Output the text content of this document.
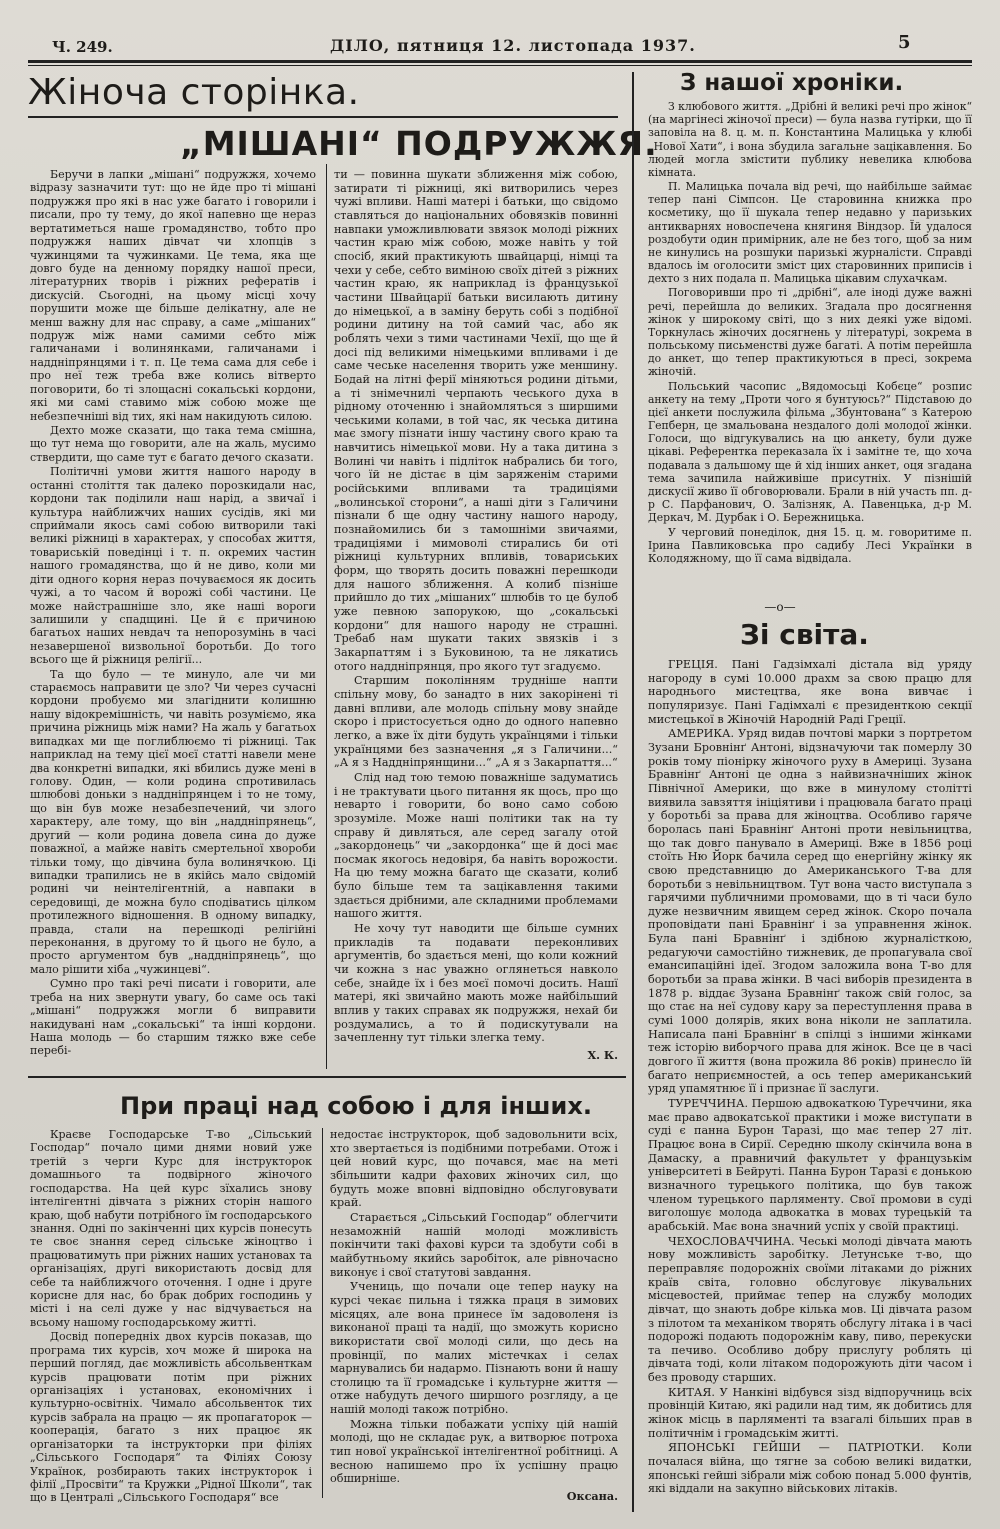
Ч. 249.	ДІЛО, пятниця 12. листопада 1937.	5
Жіноча сторінка.
„МІШАНІ“ ПОДРУЖЖЯ.

Беручи в лапки „мішані“ подружжя, хочемо відразу зазначити тут: що не йде про ті мішані подружжя про які в нас уже багато і говорили і писали, про ту тему, до якої напевно ще нераз вертатиметься наше громадянство, тобто про подружжя наших дівчат чи хлопців з чужинцями та чужинками. Це тема, яка ще довго буде на денному порядку нашої преси, літературних творів і ріжних рефератів і дискусій. Сьогодні, на цьому місці хочу порушити може ще більше делікатну, але не менш важну для нас справу, а саме „мішаних“ подруж між нами самими себто між галичанами і волинянками, галичанами і наддніпрянцями і т. п. Це тема сама для себе і про неї теж треба вже колись вітверто поговорити, бо ті злощасні сокальські кордони, які ми самі ставимо між собою може ще небезпечніші від тих, які нам накидують силою.

Дехто може сказати, що така тема смішна, що тут нема що говорити, але на жаль, мусимо ствердити, що саме тут є багато дечого сказати.

Політичні умови життя нашого народу в останні століття так далеко порозкидали нас, кордони так поділили наш нарід, а звичаї і культура найближчих наших сусідів, які ми сприймали якось самі собою витворили такі великі ріжниці в характерах, у способах життя, товариській поведінці і т. п. окремих частин нашого громадянства, що й не диво, коли ми діти одного корня нераз почуваємося як досить чужі, а то часом й ворожі собі частини. Це може найстрашніше зло, яке наші вороги залишили у спадщині. Це й є причиною багатьох наших невдач та непорозумінь в часі незавершеної визвольної боротьби. До того всього ще й ріжниця релігії...

Та що було — те минуло, але чи ми стараємось направити це зло? Чи через сучасні кордони пробуємо ми злагіднити колишню нашу відокремішність, чи навіть розуміємо, яка причина ріжниць між нами? На жаль у багатьох випадках ми ще поглиблюємо ті ріжниці. Так наприклад на тему цієї моєї статті навели мене два конкретні випадки, які вбились дуже мені в голову. Один, — коли родина спротивилась шлюбові доньки з наддніпрянцем і то не тому, що він був може незабезпечений, чи злого характеру, але тому, що він „наддніпрянець“, другий — коли родина довела сина до дуже поважної, а майже навіть смертельної хвороби тільки тому, що дівчина була волинячкою. Ці випадки трапились не в якійсь мало свідомій родині чи неінтелігентній, а навпаки в середовищі, де можна було сподіватись цілком протилежного відношення. В одному випадку, правда, стали на перешкоді релігійні переконання, в другому то й цього не було, а просто аргументом був „наддніпрянець“, що мало рішити хіба „чужинцеві“.

Сумно про такі речі писати і говорити, але треба на них звернути увагу, бо саме ось такі „мішані“ подружжя могли б виправити накидувані нам „сокальські“ та інші кордони. Наша молодь — бо старшим тяжко вже себе перебі-

ти — повинна шукати зближення між собою, затирати ті ріжниці, які витворились через чужі впливи. Наші матері і батьки, що свідомо ставляться до національних обовязків повинні навпаки уможливлювати звязок молоді ріжних частин краю між собою, може навіть у той спосіб, який практикують швайцарці, німці та чехи у себе, себто виміною своїх дітей з ріжних частин краю, як наприклад із французької частини Швайцарії батьки висилають дитину до німецької, а в заміну беруть собі з подібної родини дитину на той самий час, або як роблять чехи з тими частинами Чехії, що ще й досі під великими німецькими впливами і де саме чеське населення творить уже меншину. Бодай на літні ферії міняються родини дітьми, а ті знімечнилі черпають чеського духа в рідному оточенню і знайомляться з ширшими чеськими колами, в той час, як чеська дитина має змогу пізнати іншу частину свого краю та навчитись німецької мови. Ну а така дитина з Волині чи навіть і підліток набрались би того, чого їй не дістає в цім заряженім старими російськими впливами та традиціями „волинської сторони“, а наші діти з Галичини пізнали б ще одну частину нашого народу, познайомились би з тамошніми звичаями, традиціями і мимоволі стирались би оті ріжниці культурних впливів, товариських форм, що творять досить поважні перешкоди для нашого зближення. А колиб пізніше прийшло до тих „мішаних“ шлюбів то це булоб уже певною запорукою, що „сокальські кордони“ для нашого народу не страшні. Требаб нам шукати таких звязків і з Закарпаттям і з Буковиною, та не лякатись отого наддніпрянця, про якого тут згадуємо.

Старшим поколінням трудніше напти спільну мову, бо занадто в них закорінені ті давні впливи, але молодь спільну мову знайде скоро і пристосується одно до одного напевно легко, а вже їх діти будуть українцями і тільки українцями без зазначення „я з Галичини...“ „А я з Наддніпрянщини...“ „А я з Закарпаття...“

Слід над тою темою поважніше задуматись і не трактувати цього питання як щось, про що неварто і говорити, бо воно само собою зрозуміле. Може наші політики так на ту справу й дивляться, але серед загалу отой „закордонець“ чи „закордонка“ ще й досі має посмак якогось недовіря, ба навіть ворожости. На цю тему можна багато ще сказати, колиб було більше тем та зацікавлення такими здається дрібними, але складними проблемами нашого життя.

Не хочу тут наводити ще більше сумних прикладів та подавати переконливих аргументів, бо здається мені, що коли кожний чи кожна з нас уважно оглянеться навколо себе, знайде їх і без моєї помочі досить. Нашї матері, які звичайно мають може найбільший вплив у таких справах як подружжя, нехай би роздумались, а то й подискутували на зачепленнy тут тільки злегка тему.

Х. К.
При праці над собою і для інших.

Краєве Господарське Т-во „Сільський Господар“ почало цими днями новий уже третій з черги Курс для інструкторок домашнього та подвірного жіночого господарства. На цей курс зїхались знову інтелігентні дівчата з ріжних сторін нашого краю, щоб набути потрібного їм господарського знання. Одні по закінченні цих курсів понесуть те своє знання серед сільське жіноцтво і працюватимуть при ріжних наших установах та організаціях, другі використають досвід для себе та найближчого оточення. І одне і друге корисне для нас, бо брак добрих господинь у місті і на селі дуже у нас відчувається на всьому нашому господарському житті.

Досвід попередніх двох курсів показав, що програма тих курсів, хоч може й широка на перший погляд, дає можливість абсольвенткам курсів працювати потім при ріжних організаціях і установах, економічних і культурно-освітніх. Чимало абсольвенток тих курсів забрала на працю — як пропагаторок — кооперація, багато з них працює як організаторки та інструкторки при філіях „Сільського Господаря“ та Філіях Союзу Українок, розбирають таких інструкторок і філії „Просвіти“ та Кружки „Рідної Школи“, так що в Централі „Сільського Господаря“ все

недостає інструкторок, щоб задовольнити всіх, хто звертається із подібними потребами. Отож і цей новий курс, що почався, має на меті збільшити кадри фахових жіночих сил, що будуть може вповні відповідно обслуговувати край.

Старається „Сільський Господар“ облегчити незаможній нашій молоді можливість покінчити такі фахові курси та здобути собі в майбутньому якийсь заробіток, але рівночасно виконує і свої статутові завдання.

Учениць, що почали оце тепер науку на курсі чекає пильна і тяжка праця в зимових місяцях, але вона принесе їм задоволеня із виконаної праці та надії, що зможуть корисно використати свої молоді сили, що десь на провінції, по малих містечках і селах марнувались би надармо. Пізнають вони й нашу столицю та її громадське і культурне життя — отже набудуть дечого ширшого розгляду, а це нашій молоді також потрібно.

Можна тільки побажати успіху цій нашій молоді, що не складає рук, а витворює потроха тип нової української інтелігентної робітниці. А весною напишемо про їх успішну працю обширніше.

Оксана.
З нашої хроніки.

З клюбового життя. „Дрібні й великі речі про жінок“ (на маргінесі жіночої преси) — була назва гутірки, що її заповіла на 8. ц. м. п. Константина Малицька у клюбі „Нової Хати“, і вона збудила загальне зацікавлення. Бо людей могла змістити публику невелика клюбова кімната.

П. Малицька почала від речі, що найбільше займає тепер пані Сімпсон. Це старовинна книжка про косметику, що її шукала тепер недавно у паризьких антикварнях новоспечена княгиня Віндзор. Їй удалося роздобути один примірник, але не без того, щоб за ним не кинулись на розшуки паризькі журналісти. Справді вдалось ім оголосити зміст цих старовинних приписів і дехто з них подала п. Малицька цікавим слухачкам.

Поговоривши про ті „дрібні“, але іноді дуже важні речі, перейшла до великих. Згадала про досягнення жінок у широкому світі, що з них деякі уже відомі. Торкнулась жіночих досягнень у літературі, зокрема в польському письменстві дуже багаті. А потім перейшла до анкет, що тепер практикуються в пресі, зокрема жіночій.

Польський часопис „Вядомосьці Кобєце“ розпис анкету на тему „Проти чого я бунтуюсь?“ Підставою до цієї анкети послужила фільма „Збунтована“ з Катерою Гепберн, це змальована нездалого долі молодої жінки. Голоси, що відгукувались на цю анкету, були дуже цікаві. Референтка переказала їх і замітне те, що хоча подавала з дальшому ще й хід інших анкет, оця згадана тема зачипила найживіше присутніх. У пізнішій дискусії живо її обговорювали. Брали в ній участь пп. д-р С. Парфанович, О. Залізняк, А. Павенцька, д-р М. Деркач, М. Дурбак і О. Бережницька.

У черговий понеділок, дня 15. ц. м. говоритиме п. Ірина Павликовська про садибу Лесі Українки в Колодяжному, що її сама відвідала.

—о—
Зі світа.

ГРЕЦІЯ. Пані Гадзімхалі дістала від уряду нагороду в сумі 10.000 драхм за свою працю для народнього мистецтва, яке вона вивчає і популяризує. Пані Гадімхалі є президенткою секції мистецької в Жіночій Народній Раді Греції.

АМЕРИКА. Уряд видав почтові марки з портретом Зузани Бровнінґ Антоні, відзначуючи так померлу 30 років тому піонірку жіночого руху в Америці. Зузана Бравнінґ Антоні це одна з найвизначніших жінок Північної Америки, що вже в минулому столітті виявила завзяття ініціятиви і працювала багато праці у боротьбі за права для жіноцтва. Особливо гаряче боролась пані Бравнінґ Антоні проти невільництва, що так довго панувало в Америці. Вже в 1856 році стоїть Ню Йорк бачила серед що енергійну жінку як свою представницю до Американського Т-ва для боротьби з невільництвом. Тут вона часто виступала з гарячими публичними промовами, що в ті часи було дуже незвичним явищем серед жінок. Скоро почала проповідати пані Бравнінґ і за управнення жінок. Була пані Бравнінґ і здібною журналісткою, редагуючи самостійно тижневик, де пропагувала свої емансипаційні ідеї. Згодом заложила вона Т-во для боротьби за права жінки. В часі виборів президента в 1878 р. віддає Зузана Бравнінґ також свій голос, за що стає на неї судову кару за переступлення права в сумі 1000 долярів, яких вона ніколи не заплатила. Написала пані Бравнінґ в спілці з іншими жінками теж історію виборчого права для жінок. Все це в часі довгого її життя (вона прожила 86 років) принесло їй багато неприємностей, а ось тепер американський уряд упамятнює її і признає її заслуги.

ТУРЕЧЧИНА. Першою адвокаткою Туреччини, яка має право адвокатської практики і може виступати в суді є панна Бурон Таразі, що має тепер 27 літ. Працює вона в Сирії. Середню школу скінчила вона в Дамаску, а правничий факультет у французькім університеті в Бейруті. Панна Бурон Таразі є донькою визначного турецького політика, що був також членом турецького парляменту. Свої промови в суді виголошує молода адвокатка в мовах турецькій та арабській. Має вона значний успіх у своїй практиці.

ЧЕХОСЛОВАЧЧИНА. Чеські молоді дівчата мають нову можливість заробітку. Летунське т-во, що переправляє подорожніх своїми літаками до ріжних країв світа, головно обслуговує лікувальних місцевостей, приймає тепер на службу молодих дівчат, що знають добре кілька мов. Ці дівчата разом з пілотом та механіком творять обслугу літака і в часі подорожі подають подорожнім каву, пиво, перекуски та печиво. Особливо добру прислугу роблять ці дівчата тоді, коли літаком подорожують діти часом і без проводу старших.

КИТАЯ. У Нанкіні відбувся зізд відпоручниць всіх провінцій Китаю, які радили над тим, як добитись для жінок місць в парляменті та взагалі більших прав в політичнім і громадськім житті.

ЯПОНСЬКІ ГЕЙШИ — ПАТРІОТКИ. Коли почалася війна, що тягне за собою великі видатки, японські гейші зібрали між собою понад 5.000 фунтів, які віддали на закупно військових літаків.
